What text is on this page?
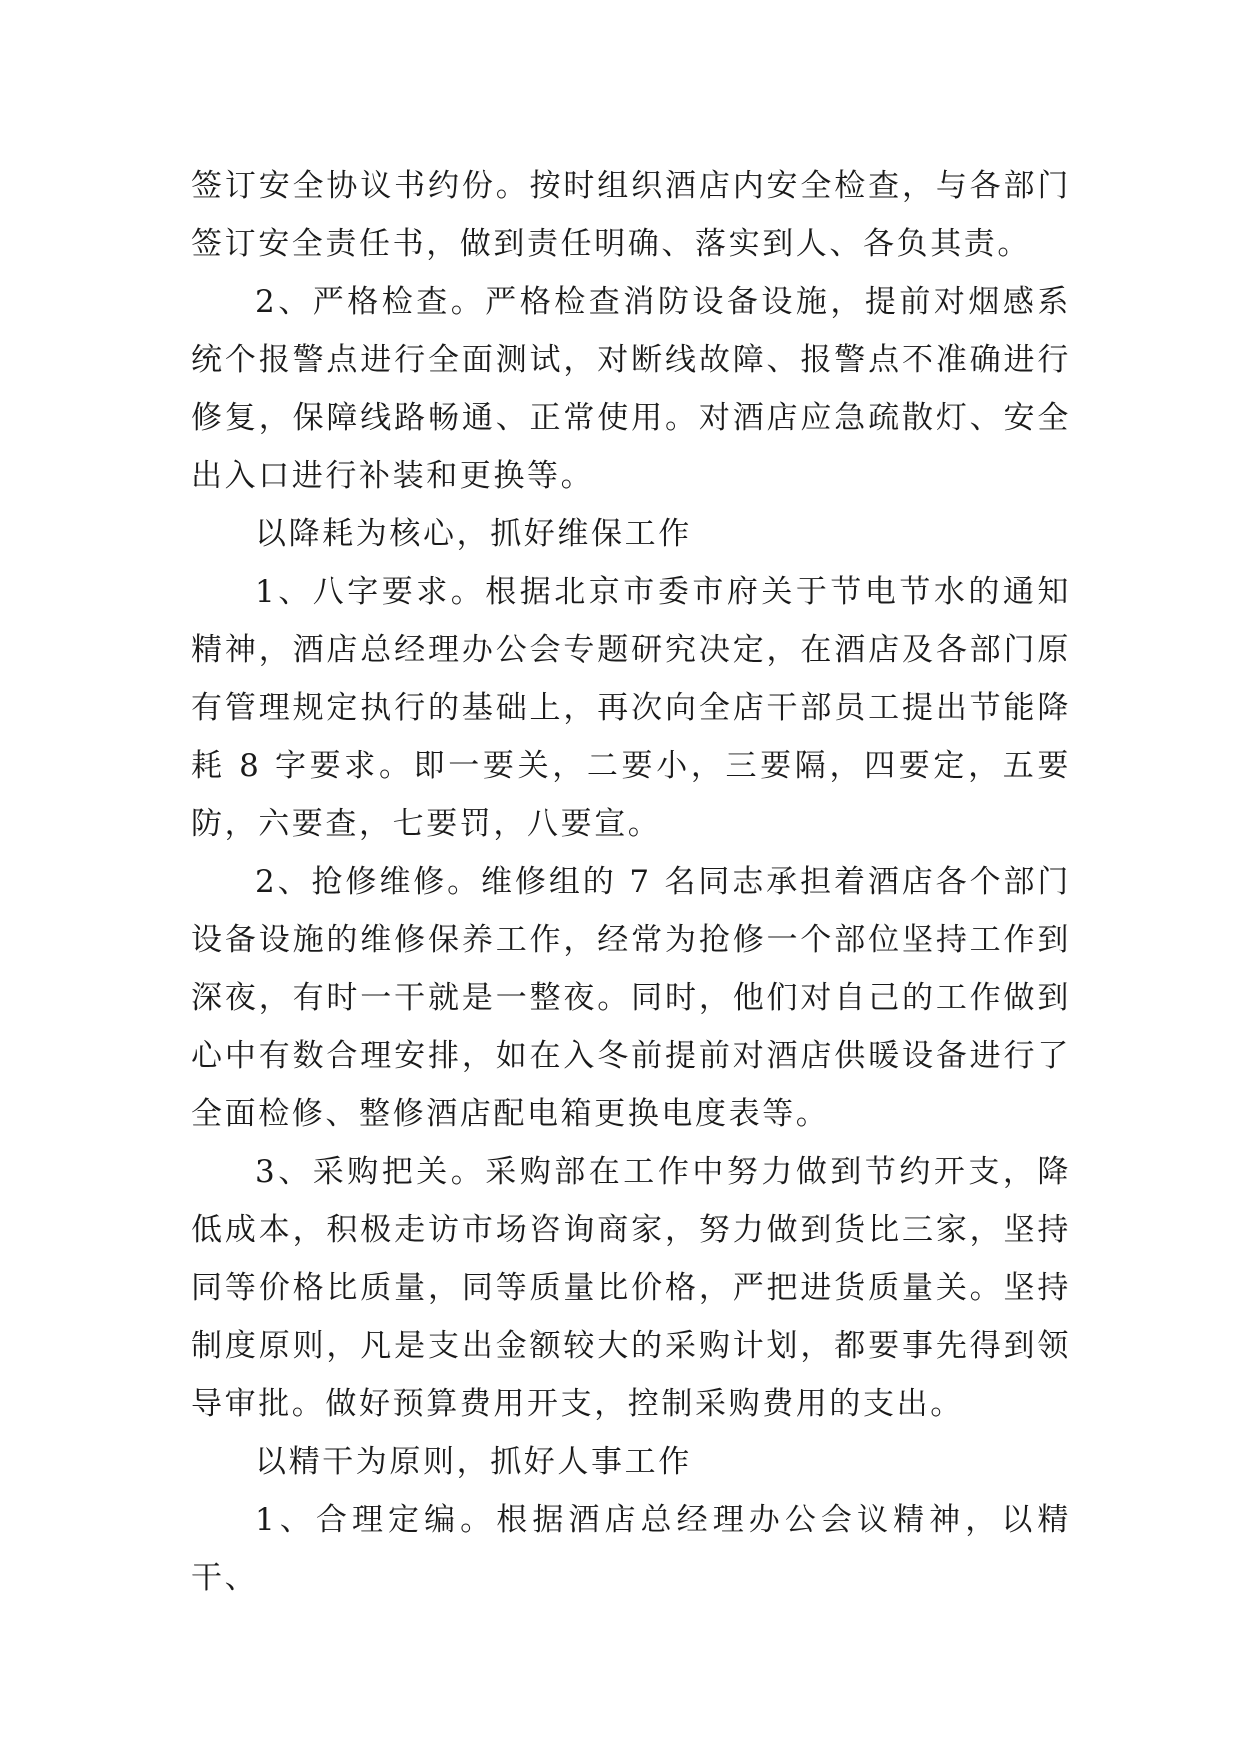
签订安全协议书约份。按时组织酒店内安全检查，与各部门签订安全责任书，做到责任明确、落实到人、各负其责。

2、严格检查。严格检查消防设备设施，提前对烟感系统个报警点进行全面测试，对断线故障、报警点不准确进行修复，保障线路畅通、正常使用。对酒店应急疏散灯、安全出入口进行补装和更换等。

以降耗为核心，抓好维保工作

1、八字要求。根据北京市委市府关于节电节水的通知精神，酒店总经理办公会专题研究决定，在酒店及各部门原有管理规定执行的基础上，再次向全店干部员工提出节能降耗 8 字要求。即一要关，二要小，三要隔，四要定，五要防，六要查，七要罚，八要宣。

2、抢修维修。维修组的 7 名同志承担着酒店各个部门设备设施的维修保养工作，经常为抢修一个部位坚持工作到深夜，有时一干就是一整夜。同时，他们对自己的工作做到心中有数合理安排，如在入冬前提前对酒店供暖设备进行了全面检修、整修酒店配电箱更换电度表等。

3、采购把关。采购部在工作中努力做到节约开支，降低成本，积极走访市场咨询商家，努力做到货比三家，坚持同等价格比质量，同等质量比价格，严把进货质量关。坚持制度原则，凡是支出金额较大的采购计划，都要事先得到领导审批。做好预算费用开支，控制采购费用的支出。

以精干为原则，抓好人事工作

1、合理定编。根据酒店总经理办公会议精神，以精干、
